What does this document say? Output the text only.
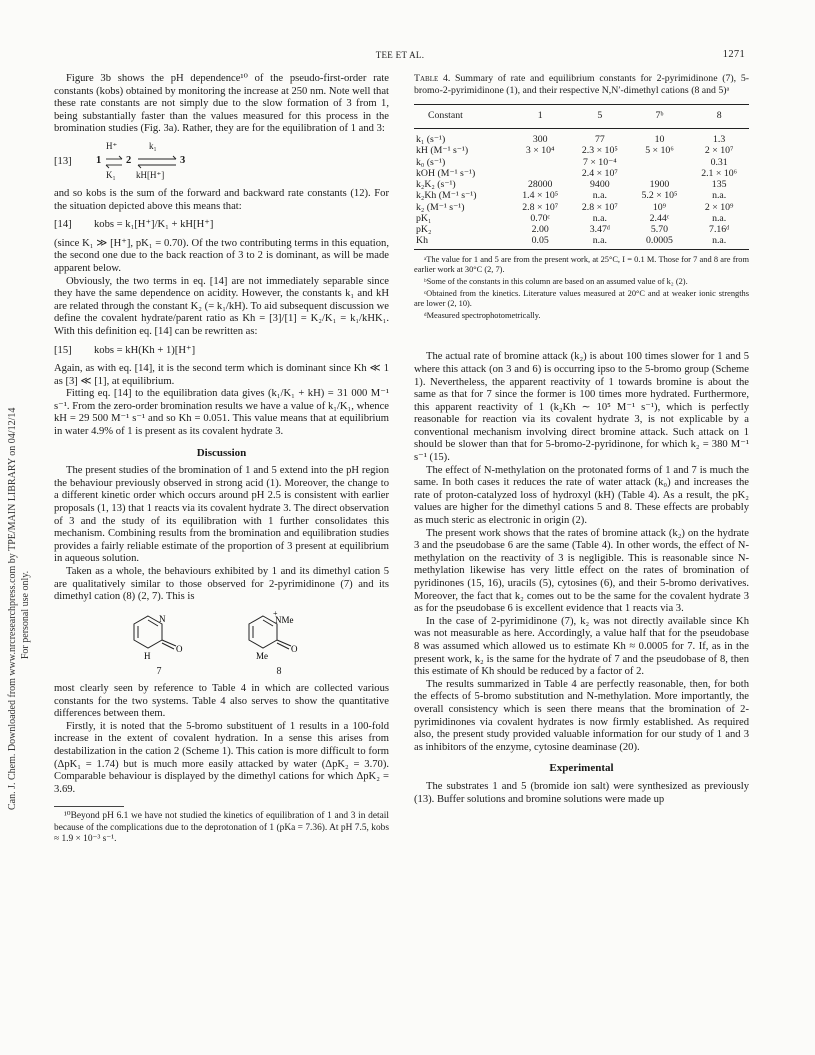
TEE ET AL.	1271
Can. J. Chem. Downloaded from www.nrcresearchpress.com by TPE/MAIN LIBRARY on 04/12/14 For personal use only.

Figure 3b shows the pH dependence¹⁰ of the pseudo-first-order rate constants (kobs) obtained by monitoring the increase at 250 nm. Note well that these rate constants are not simply due to the slow formation of 3 from 1, being substantially faster than the values measured for this process in the bromination studies (Fig. 3a). Rather, they are for the equilibration of 1 and 3:

[13]	1
H⁺
K₁
2
k₁
kH[H⁺]
3

and so kobs is the sum of the forward and backward rate constants (12). For the situation depicted above this means that:

[14]	kobs = k₁[H⁺]/K₁ + kH[H⁺]

(since K₁ ≫ [H⁺], pK₁ = 0.70). Of the two contributing terms in this equation, the second one due to the back reaction of 3 to 2 is dominant, as will be made apparent below.

Obviously, the two terms in eq. [14] are not immediately separable since they have the same dependence on acidity. However, the constants k₁ and kH are related through the constant K₂ (= k₁/kH). To aid subsequent discussion we define the covalent hydrate/parent ratio as Kh = [3]/[1] = K₂/K₁ = k₁/kHK₁. With this definition eq. [14] can be rewritten as:

[15]	kobs = kH(Kh + 1)[H⁺]

Again, as with eq. [14], it is the second term which is dominant since Kh ≪ 1 as [3] ≪ [1], at equilibrium.

Fitting eq. [14] to the equilibration data gives (k₁/K₁ + kH) = 31 000 M⁻¹ s⁻¹. From the zero-order bromination results we have a value of k₁/K₁, whence kH = 29 500 M⁻¹ s⁻¹ and so Kh = 0.051. This value means that at equilibrium in water 4.9% of 1 is present as its covalent hydrate 3.

Discussion

The present studies of the bromination of 1 and 5 extend into the pH region the behaviour previously observed in strong acid (1). Moreover, the change to a different kinetic order which occurs around pH 2.5 is consistent with earlier proposals (1, 13) that 1 reacts via its covalent hydrate 3. The direct observation of 3 and the study of its equilibration with 1 further consolidates this mechanism. Combining results from the bromination and equilibration studies provides a fairly reliable estimate of the proportion of 3 present at equilibrium in aqueous solution.

Taken as a whole, the behaviours exhibited by 1 and its dimethyl cation 5 are qualitatively similar to those observed for 2-pyrimidinone (7) and its dimethyl cation (8) (2, 7). This is

N
H
O
7
+
NMe
Me
O
8

most clearly seen by reference to Table 4 in which are collected various constants for the two systems. Table 4 also serves to show the quantitative differences between them.

Firstly, it is noted that the 5-bromo substituent of 1 results in a 100-fold increase in the extent of covalent hydration. In a sense this arises from destabilization in the cation 2 (Scheme 1). This cation is more difficult to form (ΔpK₁ = 1.74) but is much more easily attacked by water (ΔpK₂ = 3.70). Comparable behaviour is displayed by the dimethyl cations for which ΔpK₂ = 3.69.

¹⁰Beyond pH 6.1 we have not studied the kinetics of equilibration of 1 and 3 in detail because of the complications due to the deprotonation of 1 (pKa = 7.36). At pH 7.5, kobs ≈ 1.9 × 10⁻³ s⁻¹.

Table 4. Summary of rate and equilibrium constants for 2-pyrimidinone (7), 5-bromo-2-pyrimidinone (1), and their respective N,N′-dimethyl cations (8 and 5)ᵃ
Constant	1	5	7ᵇ	8

k₁ (s⁻¹)	300	77	10	1.3
kH (M⁻¹ s⁻¹)	3 × 10⁴	2.3 × 10⁵	5 × 10⁶	2 × 10⁷
k₀ (s⁻¹)		7 × 10⁻⁴		0.31
kOH (M⁻¹ s⁻¹)		2.4 × 10⁷		2.1 × 10⁶
k₂K₂ (s⁻¹)	28000	9400	1900	135
k₂Kh (M⁻¹ s⁻¹)	1.4 × 10⁵	n.a.	5.2 × 10⁵	n.a.
k₂ (M⁻¹ s⁻¹)	2.8 × 10⁷	2.8 × 10⁷	10⁹	2 × 10⁹
pK₁	0.70ᶜ	n.a.	2.44ᶜ	n.a.
pK₂	2.00	3.47ᵈ	5.70	7.16ᵈ
Kh	0.05	n.a.	0.0005	n.a.
ᵃThe value for 1 and 5 are from the present work, at 25°C, I = 0.1 M. Those for 7 and 8 are from earlier work at 30°C (2, 7).
ᵇSome of the constants in this column are based on an assumed value of k₂ (2).
ᶜObtained from the kinetics. Literature values measured at 20°C and at weaker ionic strengths are lower (2, 10).
ᵈMeasured spectrophotometrically.

The actual rate of bromine attack (k₂) is about 100 times slower for 1 and 5 where this attack (on 3 and 6) is occurring ipso to the 5-bromo group (Scheme 1). Nevertheless, the apparent reactivity of 1 towards bromine is about the same as that for 7 since the former is 100 times more hydrated. Furthermore, this apparent reactivity of 1 (k₂Kh ∼ 10⁵ M⁻¹ s⁻¹), which is perfectly reasonable for reaction via its covalent hydrate 3, is not explicable by a conventional mechanism involving direct bromine attack. Such attack on 1 should be slower than that for 5-bromo-2-pyridinone, for which k₂ = 380 M⁻¹ s⁻¹ (15).

The effect of N-methylation on the protonated forms of 1 and 7 is much the same. In both cases it reduces the rate of water attack (k₀) and increases the rate of proton-catalyzed loss of hydroxyl (kH) (Table 4). As a result, the pK₂ values are higher for the dimethyl cations 5 and 8. These effects are probably as much steric as electronic in origin (2).

The present work shows that the rates of bromine attack (k₂) on the hydrate 3 and the pseudobase 6 are the same (Table 4). In other words, the effect of N-methylation on the reactivity of 3 is negligible. This is reasonable since N-methylation likewise has very little effect on the rates of bromination of pyridinones (15, 16), uracils (5), cytosines (6), and their 5-bromo derivatives. Moreover, the fact that k₂ comes out to be the same for the covalent hydrate 3 as for the pseudobase 6 is excellent evidence that 1 reacts via 3.

In the case of 2-pyrimidinone (7), k₂ was not directly available since Kh was not measurable as here. Accordingly, a value half that for the pseudobase 8 was assumed which allowed us to estimate Kh ≈ 0.0005 for 7. If, as in the present work, k₂ is the same for the hydrate of 7 and the pseudobase of 8, then this estimate of Kh should be reduced by a factor of 2.

The results summarized in Table 4 are perfectly reasonable, then, for both the effects of 5-bromo substitution and N-methylation. More importantly, the overall consistency which is seen there means that the bromination of 2-pyrimidinones via covalent hydrates is now firmly established. As required also, the present study provided valuable information for our study of 1 and 3 as inhibitors of the enzyme, cytosine deaminase (20).

Experimental

The substrates 1 and 5 (bromide ion salt) were synthesized as previously (13). Buffer solutions and bromine solutions were made up
